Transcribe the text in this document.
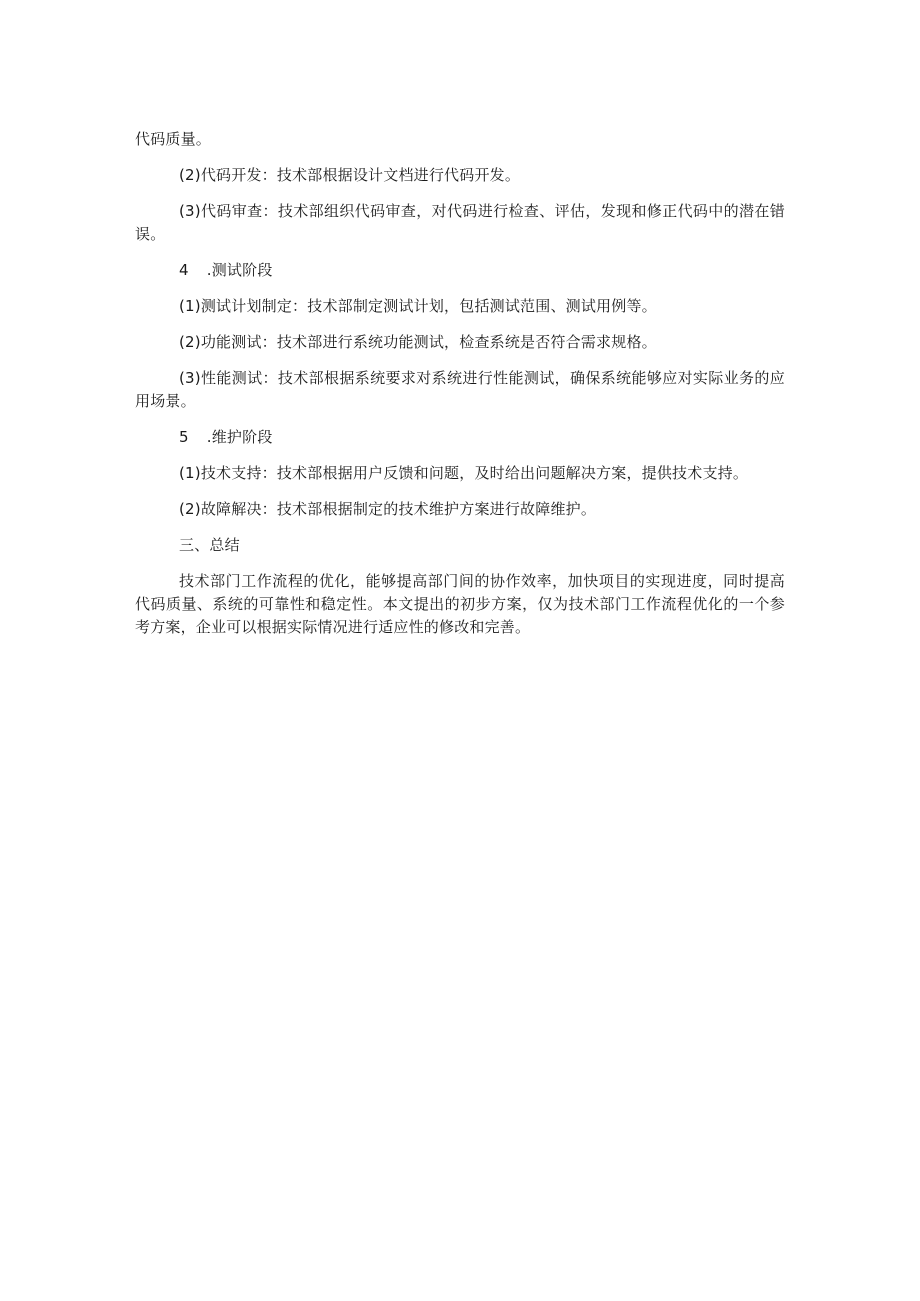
代码质量。

(2)代码开发：技术部根据设计文档进行代码开发。

(3)代码审查：技术部组织代码审查，对代码进行检查、评估，发现和修正代码中的潜在错误。

4 .测试阶段

(1)测试计划制定：技术部制定测试计划，包括测试范围、测试用例等。

(2)功能测试：技术部进行系统功能测试，检查系统是否符合需求规格。

(3)性能测试：技术部根据系统要求对系统进行性能测试，确保系统能够应对实际业务的应用场景。

5 .维护阶段

(1)技术支持：技术部根据用户反馈和问题，及时给出问题解决方案，提供技术支持。

(2)故障解决：技术部根据制定的技术维护方案进行故障维护。

三、总结

技术部门工作流程的优化，能够提高部门间的协作效率，加快项目的实现进度，同时提高代码质量、系统的可靠性和稳定性。本文提出的初步方案，仅为技术部门工作流程优化的一个参考方案，企业可以根据实际情况进行适应性的修改和完善。
